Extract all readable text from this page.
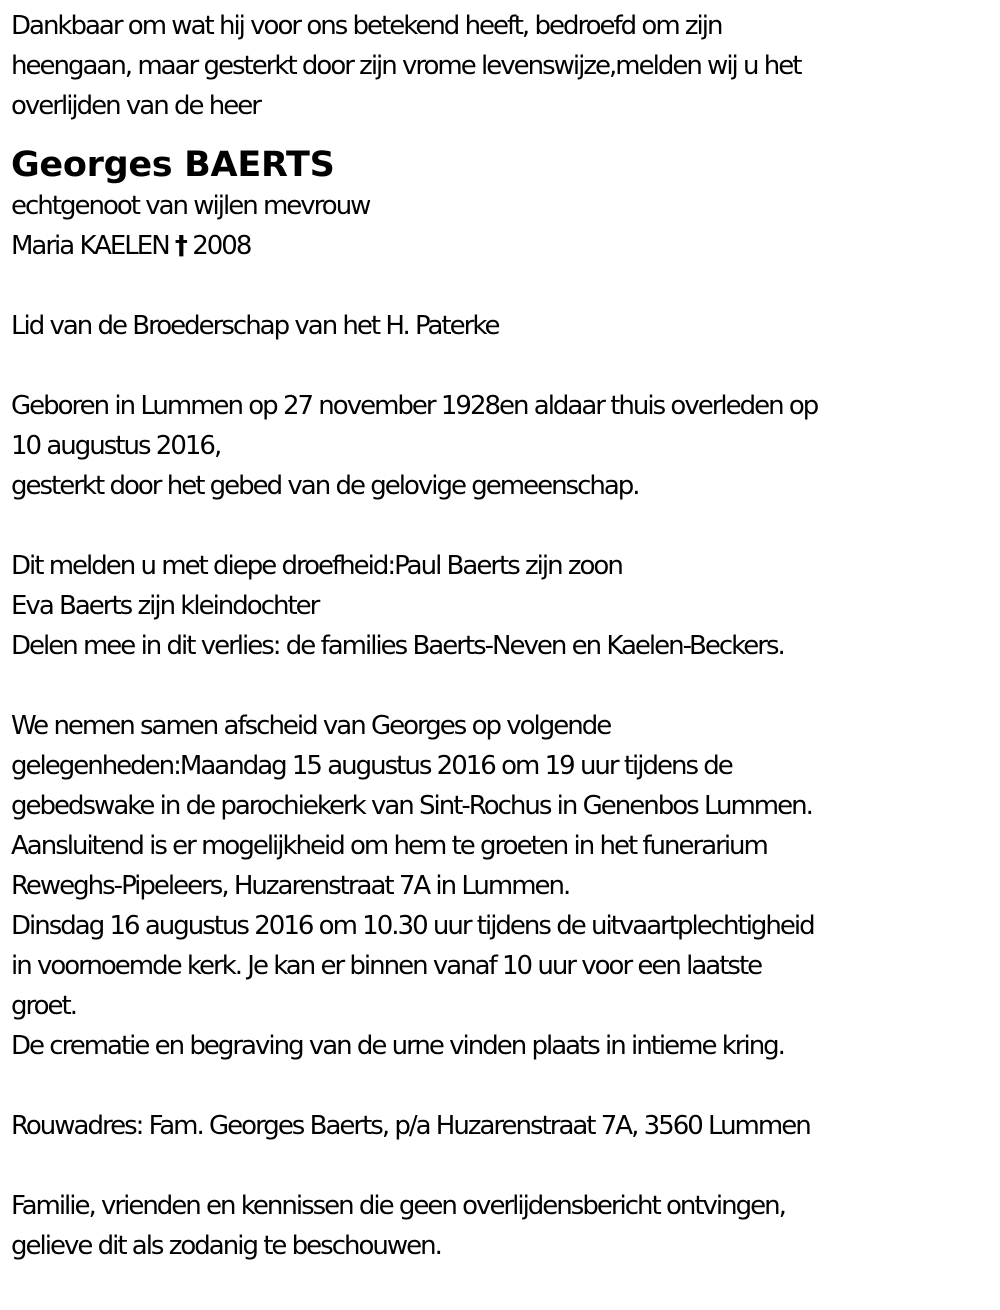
Dankbaar om wat hij voor ons betekend heeft, bedroefd om zijn
heengaan, maar gesterkt door zijn vrome levenswijze,melden wij u het
overlijden van de heer
Georges BAERTS
echtgenoot van wijlen mevrouw
Maria KAELEN † 2008
Lid van de Broederschap van het H. Paterke
Geboren in Lummen op 27 november 1928en aldaar thuis overleden op
10 augustus 2016,
gesterkt door het gebed van de gelovige gemeenschap.
Dit melden u met diepe droefheid:Paul Baerts zijn zoon
Eva Baerts zijn kleindochter
Delen mee in dit verlies: de families Baerts-Neven en Kaelen-Beckers.
We nemen samen afscheid van Georges op volgende
gelegenheden:Maandag 15 augustus 2016 om 19 uur tijdens de
gebedswake in de parochiekerk van Sint-Rochus in Genenbos Lummen.
Aansluitend is er mogelijkheid om hem te groeten in het funerarium
Reweghs-Pipeleers, Huzarenstraat 7A in Lummen.
Dinsdag 16 augustus 2016 om 10.30 uur tijdens de uitvaartplechtigheid
in voornoemde kerk. Je kan er binnen vanaf 10 uur voor een laatste
groet.
De crematie en begraving van de urne vinden plaats in intieme kring.
Rouwadres: Fam. Georges Baerts, p/a Huzarenstraat 7A, 3560 Lummen
Familie, vrienden en kennissen die geen overlijdensbericht ontvingen,
gelieve dit als zodanig te beschouwen.
